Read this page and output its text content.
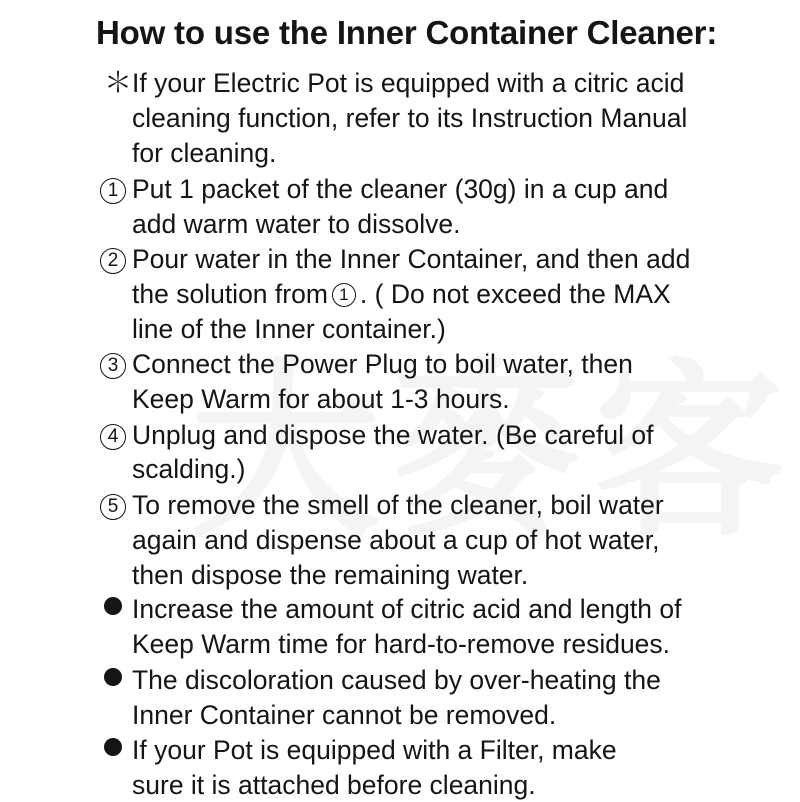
How to use the Inner Container Cleaner:
＊ If your Electric Pot is equipped with a citric acid
cleaning function, refer to its Instruction Manual
for cleaning.
1 Put 1 packet of the cleaner (30g) in a cup and
add warm water to dissolve.
2 Pour water in the Inner Container, and then add
the solution from 1 . ( Do not exceed the MAX
line of the Inner container.)
3 Connect the Power Plug to boil water, then
Keep Warm for about 1-3 hours.
4 Unplug and dispose the water. (Be careful of
scalding.)
5 To remove the smell of the cleaner, boil water
again and dispense about a cup of hot water,
then dispose the remaining water.
Increase the amount of citric acid and length of
Keep Warm time for hard-to-remove residues.
The discoloration caused by over-heating the
Inner Container cannot be removed.
If your Pot is equipped with a Filter, make
sure it is attached before cleaning.
